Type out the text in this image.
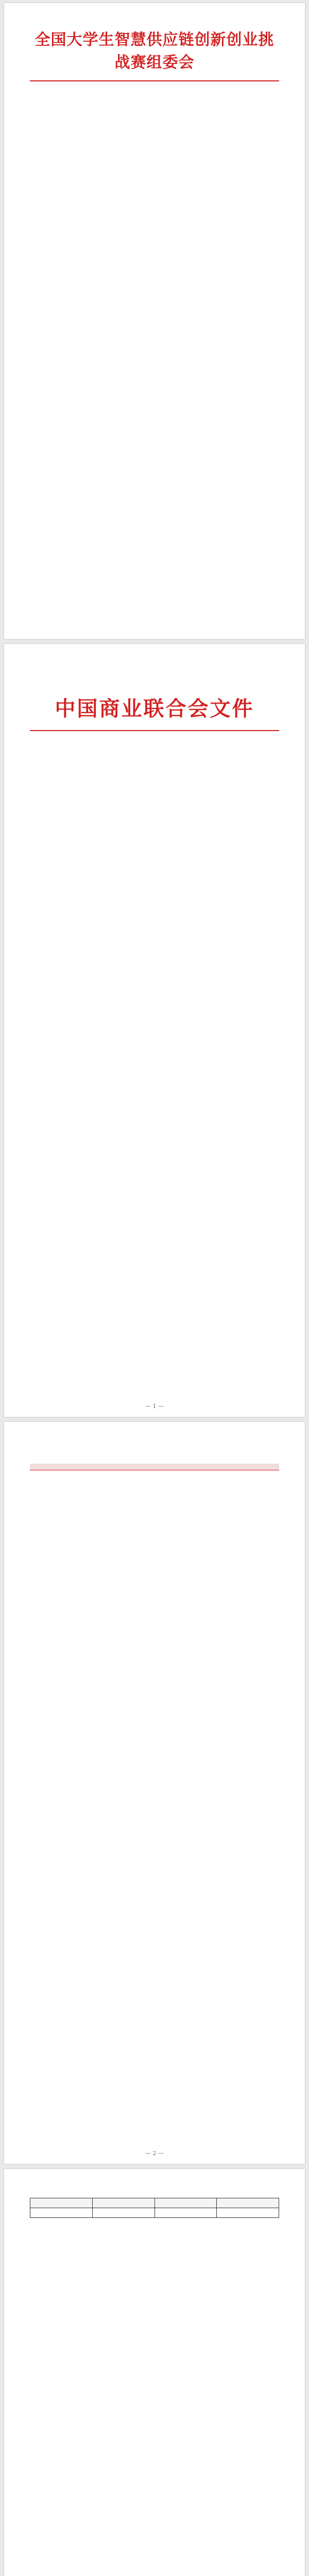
全国大学生智慧供应链创新创业挑战赛组委会

中国商业联合会文件

— 1 —

— 2 —
